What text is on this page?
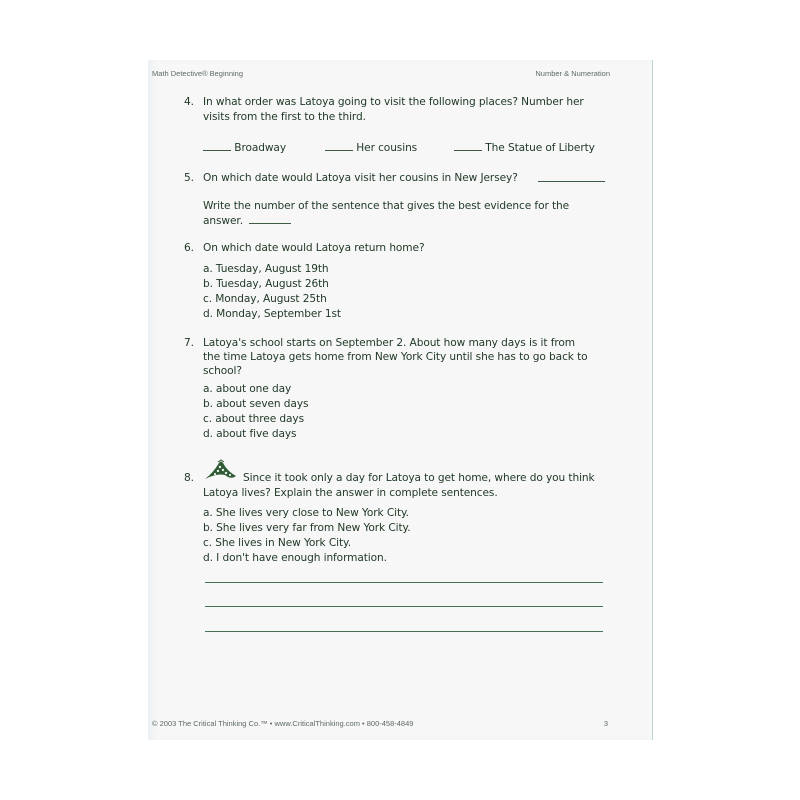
Math Detective® Beginning	Number & Numeration
4. In what order was Latoya going to visit the following places? Number her
visits from the first to the third.
Broadway	Her cousins	The Statue of Liberty
5. On which date would Latoya visit her cousins in New Jersey?
Write the number of the sentence that gives the best evidence for the
answer.
6. On which date would Latoya return home?
a. Tuesday, August 19th
b. Tuesday, August 26th
c. Monday, August 25th
d. Monday, September 1st
7. Latoya's school starts on September 2. About how many days is it from
the time Latoya gets home from New York City until she has to go back to
school?
a. about one day
b. about seven days
c. about three days
d. about five days
8.	Since it took only a day for Latoya to get home, where do you think
Latoya lives? Explain the answer in complete sentences.
a. She lives very close to New York City.
b. She lives very far from New York City.
c. She lives in New York City.
d. I don't have enough information.
© 2003 The Critical Thinking Co.™ • www.CriticalThinking.com • 800-458-4849	3
